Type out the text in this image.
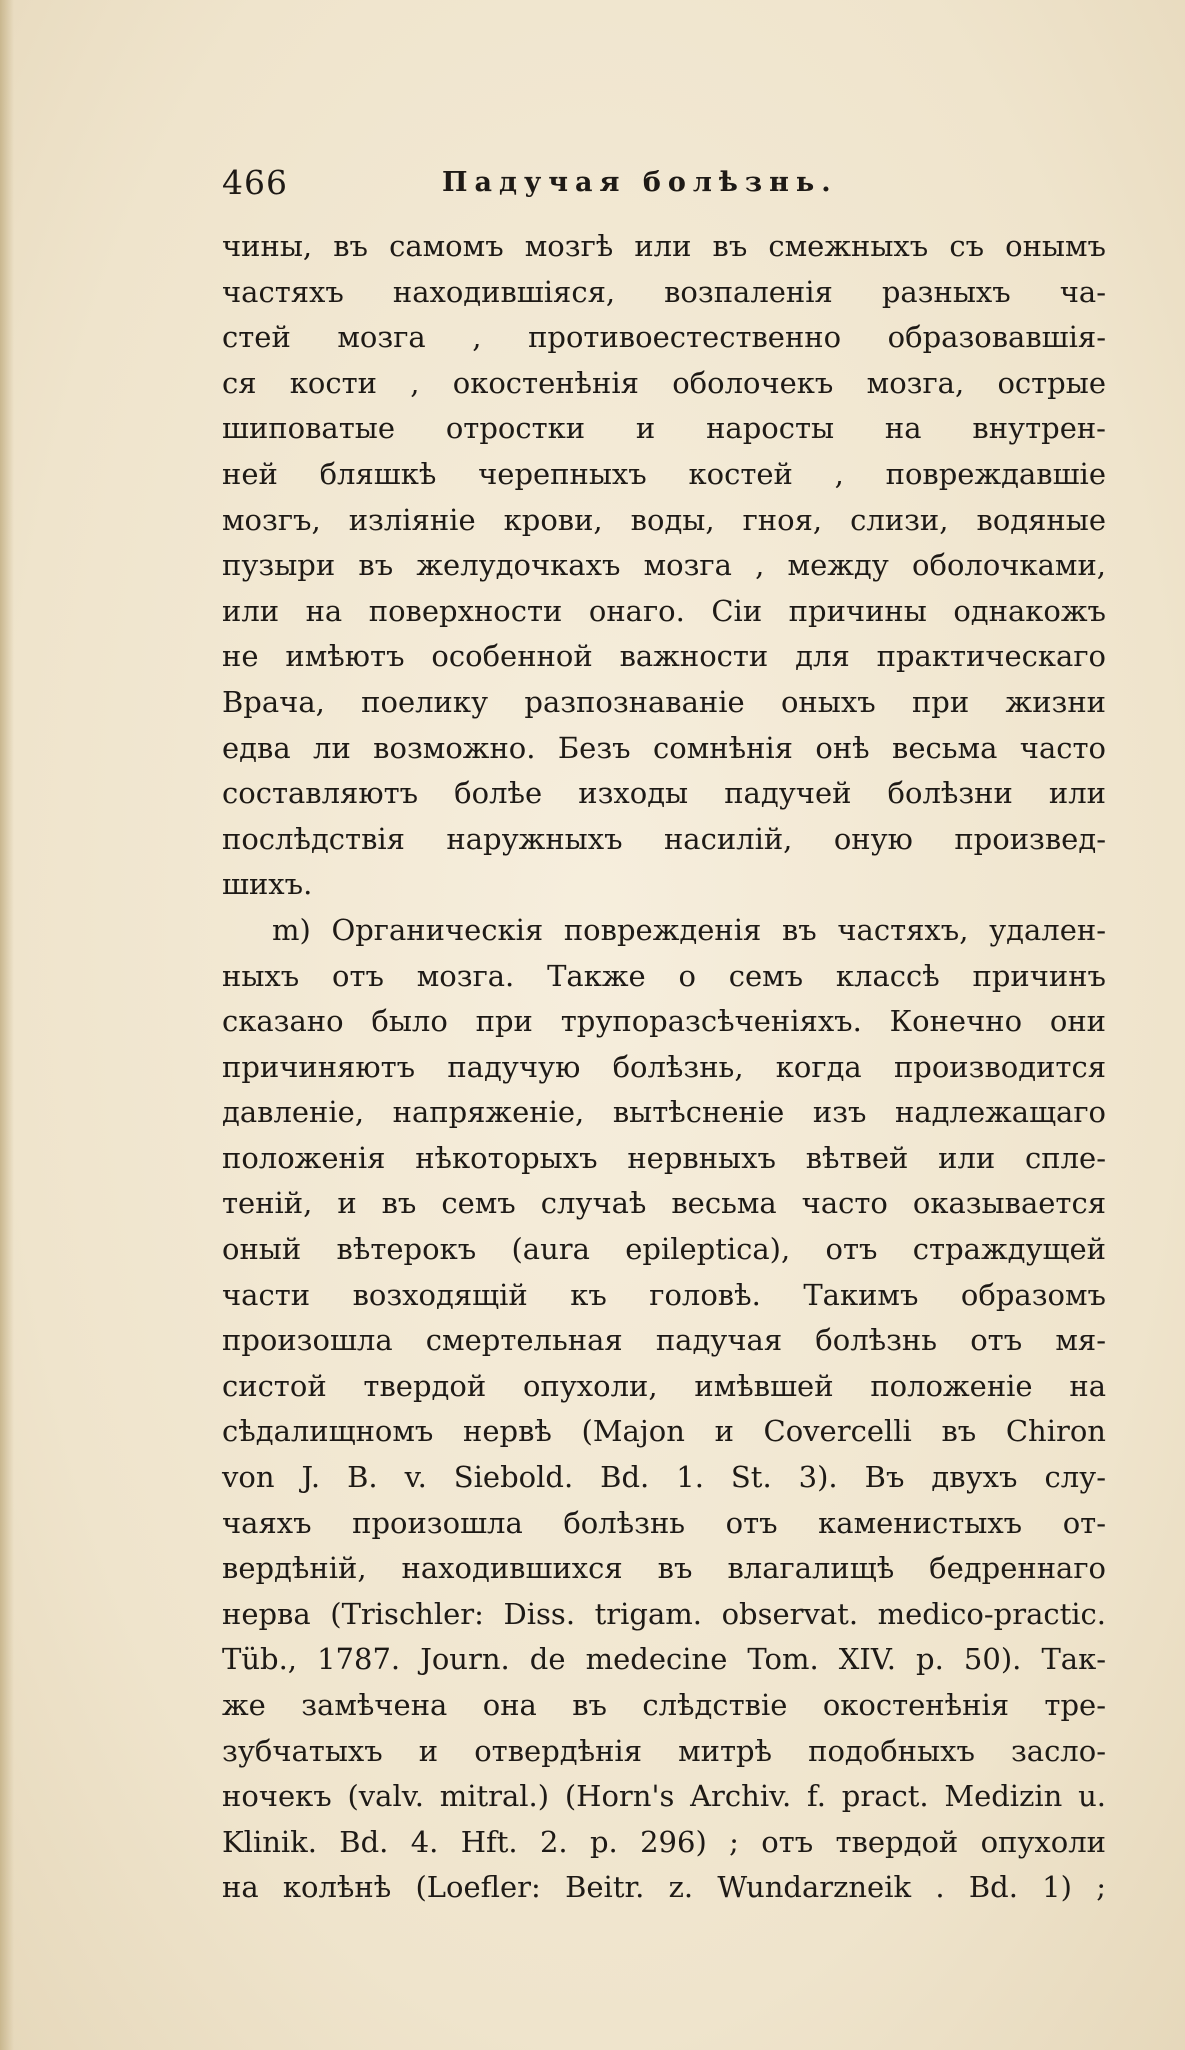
466	Падучая болѣзнь.
чины, въ самомъ мозгѣ или въ смежныхъ съ онымъ
частяхъ находившіяся, возпаленія разныхъ ча-
стей мозга , противоестественно образовавшія-
ся кости , окостенѣнія оболочекъ мозга, острые
шиповатые отростки и наросты на внутрен-
ней бляшкѣ черепныхъ костей , повреждавшіе
мозгъ, изліяніе крови, воды, гноя, слизи, водяные
пузыри въ желудочкахъ мозга , между оболочками,
или на поверхности онаго. Сіи причины однакожъ
не имѣютъ особенной важности для практическаго
Врача, поелику разпознаваніе оныхъ при жизни
едва ли возможно. Безъ сомнѣнія онѣ весьма часто
составляютъ болѣе изходы падучей болѣзни или
послѣдствія наружныхъ насилій, оную произвед-
шихъ.
m) Органическія поврежденія въ частяхъ, удален-
ныхъ отъ мозга. Также о семъ классѣ причинъ
сказано было при трупоразсѣченіяхъ. Конечно они
причиняютъ падучую болѣзнь, когда производится
давленіе, напряженіе, вытѣсненіе изъ надлежащаго
положенія нѣкоторыхъ нервныхъ вѣтвей или спле-
теній, и въ семъ случаѣ весьма часто оказывается
оный вѣтерокъ (aura epileptica), отъ страждущей
части возходящій къ головѣ. Такимъ образомъ
произошла смертельная падучая болѣзнь отъ мя-
систой твердой опухоли, имѣвшей положеніе на
сѣдалищномъ нервѣ (Majon и Covercelli въ Chiron
von J. B. v. Siebold. Bd. 1. St. 3). Въ двухъ слу-
чаяхъ произошла болѣзнь отъ каменистыхъ от-
вердѣній, находившихся въ влагалищѣ бедреннаго
нерва (Trischler: Diss. trigam. observat. medico-practic.
Tüb., 1787. Journ. de medecine Tom. XIV. p. 50). Так-
же замѣчена она въ слѣдствіе окостенѣнія тре-
зубчатыхъ и отвердѣнія митрѣ подобныхъ засло-
ночекъ (valv. mitral.) (Horn's Archiv. f. pract. Medizin u.
Klinik. Bd. 4. Hft. 2. p. 296) ; отъ твердой опухоли
на колѣнѣ (Loefler: Beitr. z. Wundarzneik . Bd. 1) ;
